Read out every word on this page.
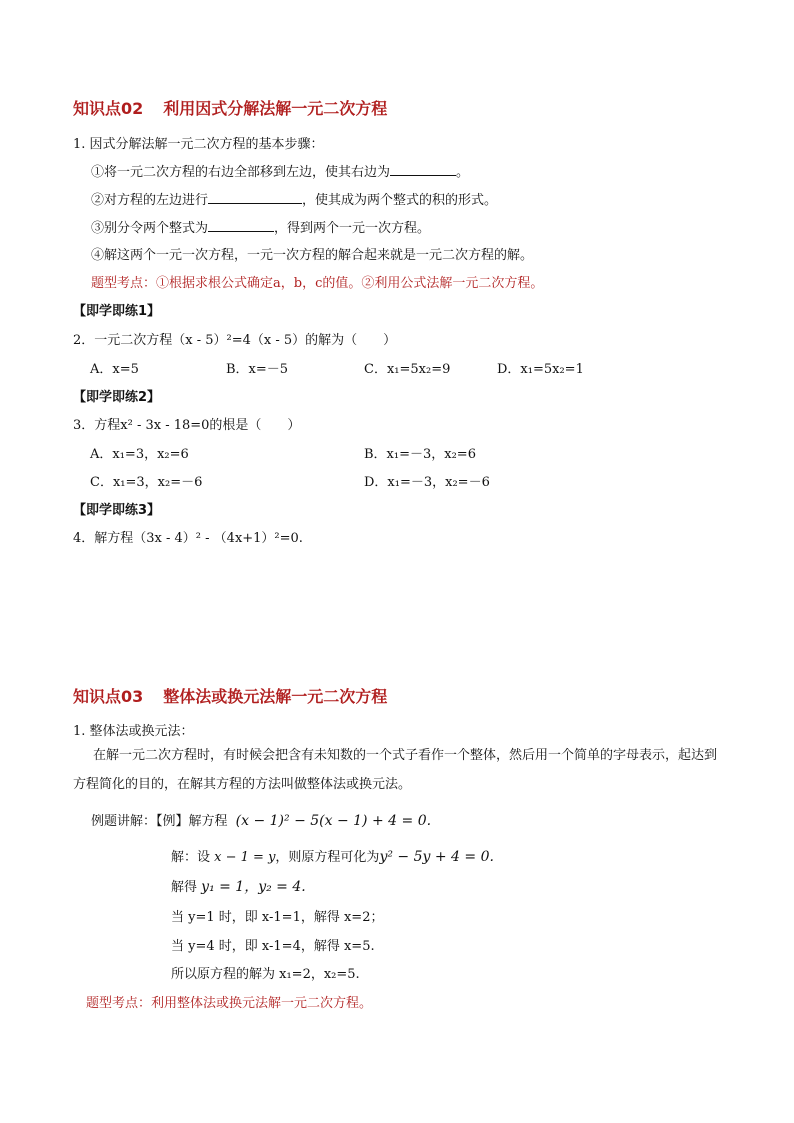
知识点02 利用因式分解法解一元二次方程
1. 因式分解法解一元二次方程的基本步骤：
①将一元二次方程的右边全部移到左边，使其右边为	。
②对方程的左边进行	，使其成为两个整式的积的形式。
③别分令两个整式为	，得到两个一元一次方程。
④解这两个一元一次方程，一元一次方程的解合起来就是一元二次方程的解。
题型考点：①根据求根公式确定a，b，c的值。②利用公式法解一元二次方程。
【即学即练1】
2．一元二次方程（x - 5）²=4（x - 5）的解为（　　）
A．x=5	B．x=－5	C．x₁=5x₂=9	D．x₁=5x₂=1
【即学即练2】
3．方程x² - 3x - 18=0的根是（　　）
A．x₁=3，x₂=6	B．x₁=－3，x₂=6
C．x₁=3，x₂=－6	D．x₁=－3，x₂=－6
【即学即练3】
4．解方程（3x - 4）² - （4x+1）²=0.
知识点03 整体法或换元法解一元二次方程
1. 整体法或换元法：
在解一元二次方程时，有时候会把含有未知数的一个式子看作一个整体，然后用一个简单的字母表示，起达到方程简化的目的，在解其方程的方法叫做整体法或换元法。
例题讲解：【例】解方程 (x − 1)² − 5(x − 1) + 4 = 0.
解：设 x − 1 = y，则原方程可化为y² − 5y + 4 = 0.
解得 y₁ = 1，y₂ = 4.
当 y=1 时，即 x-1=1，解得 x=2；
当 y=4 时，即 x-1=4，解得 x=5.
所以原方程的解为 x₁=2，x₂=5.
题型考点：利用整体法或换元法解一元二次方程。
